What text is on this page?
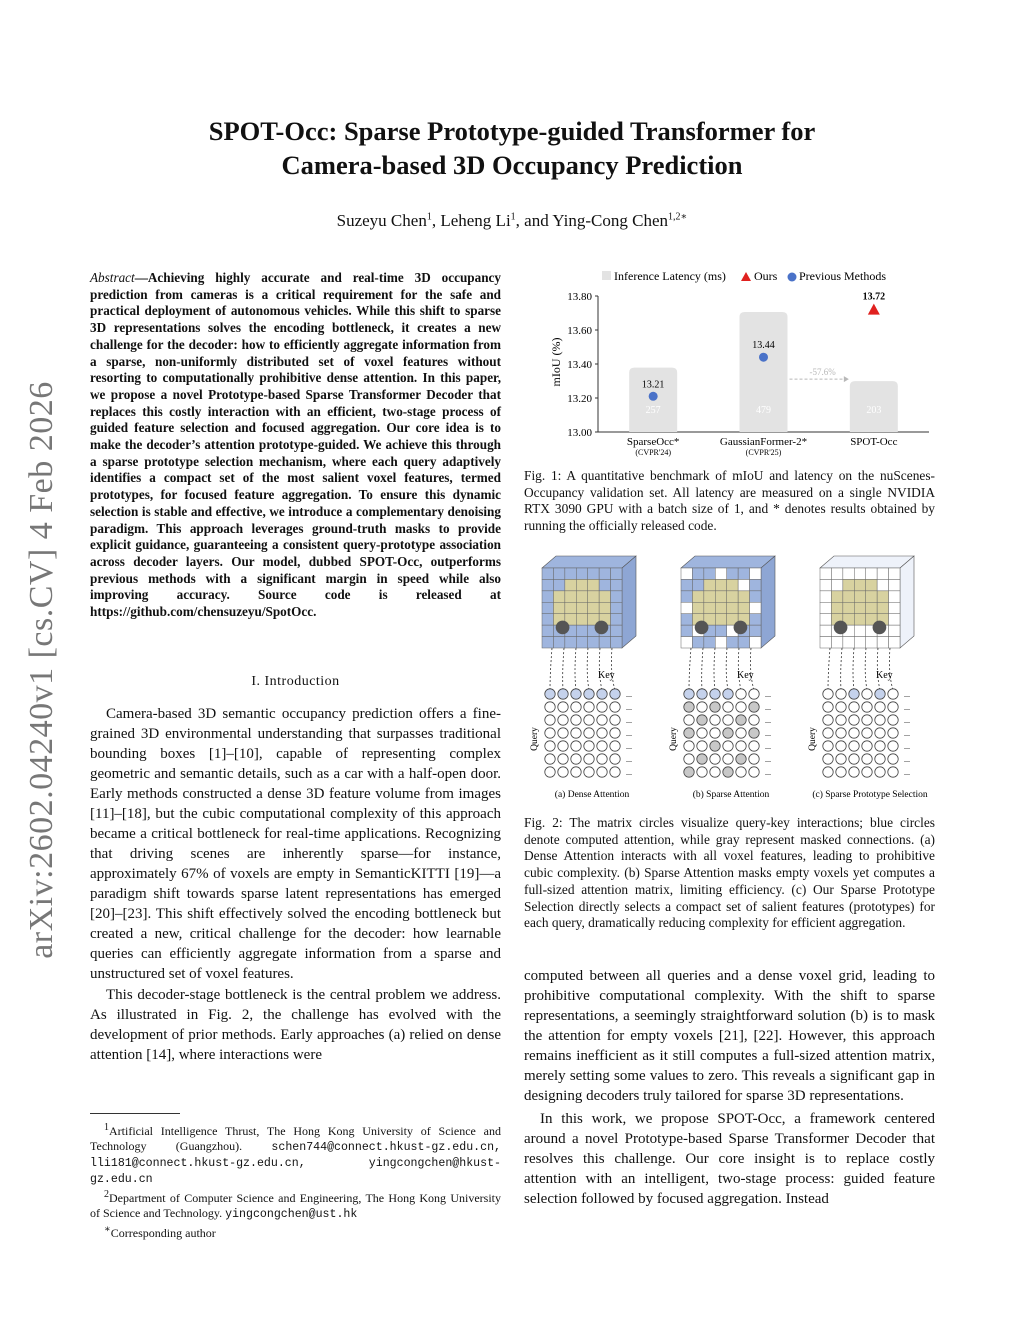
arXiv:2602.04240v1 [cs.CV] 4 Feb 2026
SPOT-Occ: Sparse Prototype-guided Transformer for
Camera-based 3D Occupancy Prediction
Suzeyu Chen$^1$, Leheng Li$^1$, and Ying-Cong Chen$^{1,2∗}$
Abstract—Achieving highly accurate and real-time 3D occupancy prediction from cameras is a critical requirement for the safe and practical deployment of autonomous vehicles. While this shift to sparse 3D representations solves the encoding bottleneck, it creates a new challenge for the decoder: how to efficiently aggregate information from a sparse, non-uniformly distributed set of voxel features without resorting to computationally prohibitive dense attention. In this paper, we propose a novel Prototype-based Sparse Transformer Decoder that replaces this costly interaction with an efficient, two-stage process of guided feature selection and focused aggregation. Our core idea is to make the decoder’s attention prototype-guided. We achieve this through a sparse prototype selection mechanism, where each query adaptively identifies a compact set of the most salient voxel features, termed prototypes, for focused feature aggregation. To ensure this dynamic selection is stable and effective, we introduce a complementary denoising paradigm. This approach leverages ground-truth masks to provide explicit guidance, guaranteeing a consistent query-prototype association across decoder layers. Our model, dubbed SPOT-Occ, outperforms previous methods with a significant margin in speed while also improving accuracy. Source code is released at https://github.com/chensuzeyu/SpotOcc.
I. Introduction

Camera-based 3D semantic occupancy prediction offers a fine-grained 3D environmental understanding that surpasses traditional bounding boxes [1]–[10], capable of representing complex geometric and semantic details, such as a car with a half-open door. Early methods constructed a dense 3D feature volume from images [11]–[18], but the cubic computational complexity of this approach became a critical bottleneck for real-time applications. Recognizing that driving scenes are inherently sparse—for instance, approximately 67% of voxels are empty in SemanticKITTI [19]—a paradigm shift towards sparse latent representations has emerged [20]–[23]. This shift effectively solved the encoding bottleneck but created a new, critical challenge for the decoder: how learnable queries can efficiently aggregate information from a sparse and unstructured set of voxel features.

This decoder-stage bottleneck is the central problem we address. As illustrated in Fig. 2, the challenge has evolved with the development of prior methods. Early approaches (a) relied on dense attention [14], where interactions were

$^1$Artificial Intelligence Thrust, The Hong Kong University of Science and Technology (Guangzhou). schen744@connect.hkust-gz.edu.cn, lli181@connect.hkust-gz.edu.cn, yingcongchen@hkust-gz.edu.cn
$^2$Department of Computer Science and Engineering, The Hong Kong University of Science and Technology. yingcongchen@ust.hk
∗Corresponding author
Inference Latency (ms) Ours Previous Methods
mIoU (%)
13.00
13.20
13.40
13.60
13.80
257	479	203
-57.6%
13.21
13.44
13.72
SparseOcc*
(CVPR'24)
GaussianFormer-2*
(CVPR'25)
SPOT-Occ
Fig. 1: A quantitative benchmark of mIoU and latency on the nuScenes-Occupancy validation set. All latency are measured on a single NVIDIA RTX 3090 GPU with a batch size of 1, and * denotes results obtained by running the officially released code.
Key
Query
...
...
...
...
...
...
...
(a) Dense Attention
Key
Query
...
...
...
...
...
...
...
(b) Sparse Attention
Key
Query
...
...
...
...
...
...
...
(c) Sparse Prototype Selection
Fig. 2: The matrix circles visualize query-key interactions; blue circles denote computed attention, while gray represent masked connections. (a) Dense Attention interacts with all voxel features, leading to prohibitive cubic complexity. (b) Sparse Attention masks empty voxels yet computes a full-sized attention matrix, limiting efficiency. (c) Our Sparse Prototype Selection directly selects a compact set of salient features (prototypes) for each query, dramatically reducing complexity for efficient aggregation.

computed between all queries and a dense voxel grid, leading to prohibitive computational complexity. With the shift to sparse representations, a seemingly straightforward solution (b) is to mask the attention for empty voxels [21], [22]. However, this approach remains inefficient as it still computes a full-sized attention matrix, merely setting some values to zero. This reveals a significant gap in designing decoders truly tailored for sparse 3D representations.

In this work, we propose SPOT-Occ, a framework centered around a novel Prototype-based Sparse Transformer Decoder that resolves this challenge. Our core insight is to replace costly attention with an intelligent, two-stage process: guided feature selection followed by focused aggregation. Instead
